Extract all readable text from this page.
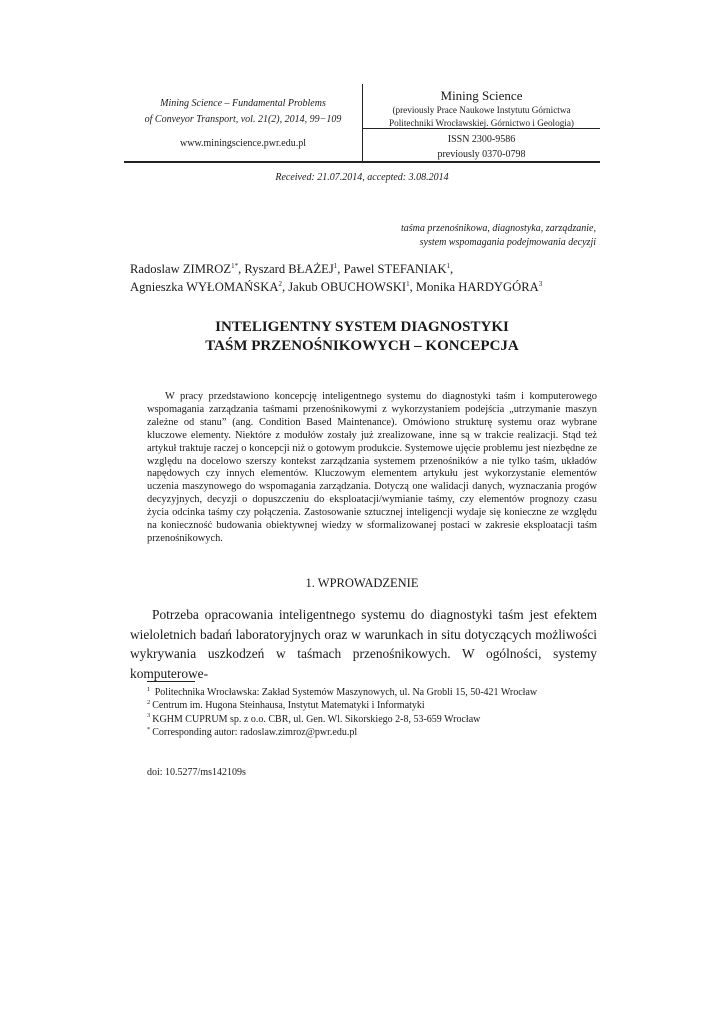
Mining Science – Fundamental Problems
of Conveyor Transport, vol. 21(2), 2014, 99−109
www.miningscience.pwr.edu.pl
Mining Science
(previously Prace Naukowe Instytutu Górnictwa
Politechniki Wrocławskiej. Górnictwo i Geologia)
ISSN 2300-9586
previously 0370-0798
Received: 21.07.2014, accepted: 3.08.2014
taśma przenośnikowa, diagnostyka, zarządzanie,
system wspomagania podejmowania decyzji
Radoslaw $ZIMROZ^{1*}$, Ryszard BŁAŻEJ$^1$, Pawel STEFANIAK$^1$,
Agnieszka WYŁOMAŃSKA$^2$, Jakub OBUCHOWSKI$^1$, Monika HARDYGÓRA$^3$
INTELIGENTNY SYSTEM DIAGNOSTYKI
TAŚM PRZENOŚNIKOWYCH – KONCEPCJA
W pracy przedstawiono koncepcję inteligentnego systemu do diagnostyki taśm i komputerowego wspomagania zarządzania taśmami przenośnikowymi z wykorzystaniem podejścia „utrzymanie maszyn zależne od stanu” (ang. Condition Based Maintenance). Omówiono strukturę systemu oraz wybrane kluczowe elementy. Niektóre z modułów zostały już zrealizowane, inne są w trakcie realizacji. Stąd też artykuł traktuje raczej o koncepcji niż o gotowym produkcie. Systemowe ujęcie problemu jest niezbędne ze względu na docelowo szerszy kontekst zarządzania systemem przenośników a nie tylko taśm, układów napędowych czy innych elementów. Kluczowym elementem artykułu jest wykorzystanie elementów uczenia maszynowego do wspomagania zarządzania. Dotyczą one walidacji danych, wyznaczania progów decyzyjnych, decyzji o dopuszczeniu do eksploatacji/wymianie taśmy, czy elementów prognozy czasu życia odcinka taśmy czy połączenia. Zastosowanie sztucznej inteligencji wydaje się konieczne ze względu na konieczność budowania obiektywnej wiedzy w sformalizowanej postaci w zakresie eksploatacji taśm przenośnikowych.
1. WPROWADZENIE
Potrzeba opracowania inteligentnego systemu do diagnostyki taśm jest efektem wieloletnich badań laboratoryjnych oraz w warunkach in situ dotyczących możliwości wykrywania uszkodzeń w taśmach przenośnikowych. W ogólności, systemy komputerowe-
$^1$ Politechnika Wrocławska: Zakład Systemów Maszynowych, ul. Na Grobli 15, 50-421 Wrocław
$^2$ Centrum im. Hugona Steinhausa, Instytut Matematyki i Informatyki
$^3$ KGHM CUPRUM sp. z o.o. CBR, ul. Gen. Wl. Sikorskiego 2-8, 53-659 Wrocław
* Corresponding autor: radoslaw.zimroz@pwr.edu.pl
doi: 10.5277/ms142109s
